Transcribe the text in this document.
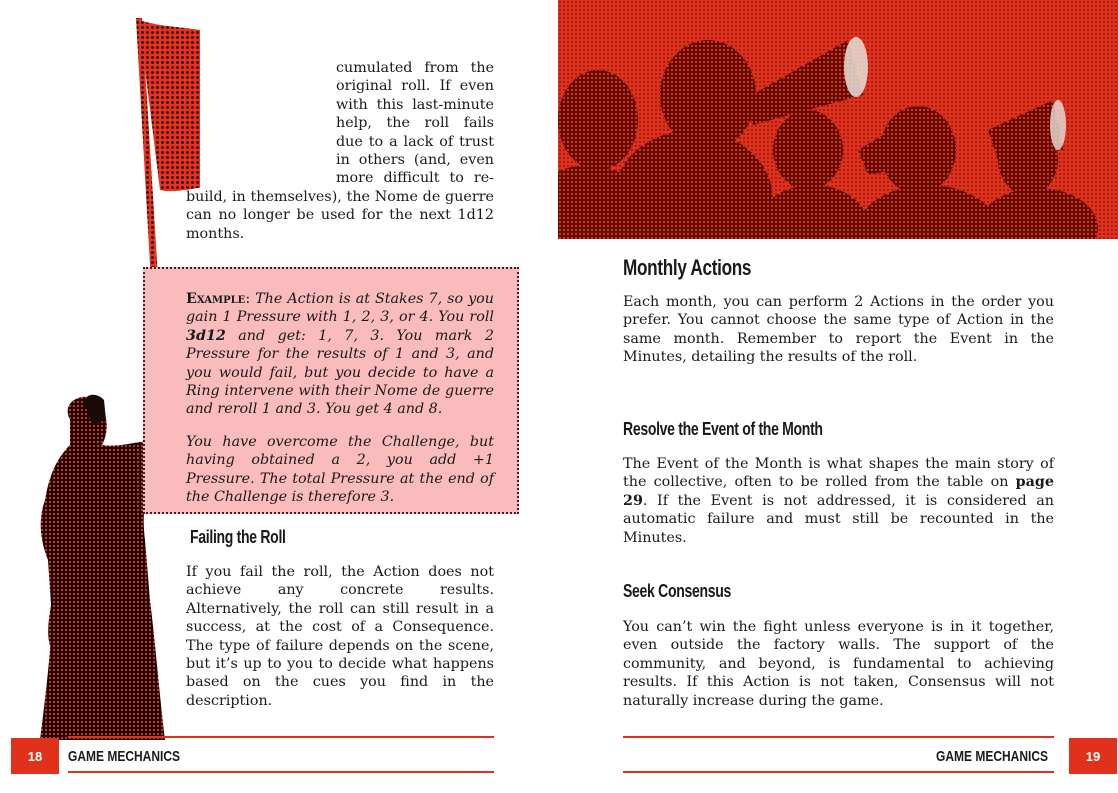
cumulated from the original roll. If even with this last-minute help, the roll fails due to a lack of trust in others (and, even more difficult to re-build, in themselves), the Nome de guerre can no longer be used for the next 1d12 months.

Example: The Action is at Stakes 7, so you gain 1 Pressure with 1, 2, 3, or 4. You roll 3d12 and get: 1, 7, 3. You mark 2 Pressure for the results of 1 and 3, and you would fail, but you decide to have a Ring intervene with their Nome de guerre and reroll 1 and 3. You get 4 and 8.

You have overcome the Challenge, but having obtained a 2, you add +1 Pressure. The total Pressure at the end of the Challenge is therefore 3.

Failing the Roll
If you fail the roll, the Action does not achieve any concrete results. Alternatively, the roll can still result in a success, at the cost of a Consequence. The type of failure depends on the scene, but it’s up to you to decide what happens based on the cues you find in the description.
18	GAME MECHANICS
Monthly Actions
Each month, you can perform 2 Actions in the order you prefer. You cannot choose the same type of Action in the same month. Remember to report the Event in the Minutes, detailing the results of the roll.
Resolve the Event of the Month
The Event of the Month is what shapes the main story of the collective, often to be rolled from the table on page 29. If the Event is not addressed, it is considered an automatic failure and must still be recounted in the Minutes.
Seek Consensus
You can’t win the fight unless everyone is in it together, even outside the factory walls. The support of the community, and beyond, is fundamental to achieving results. If this Action is not taken, Consensus will not naturally increase during the game.
19
GAME MECHANICS
